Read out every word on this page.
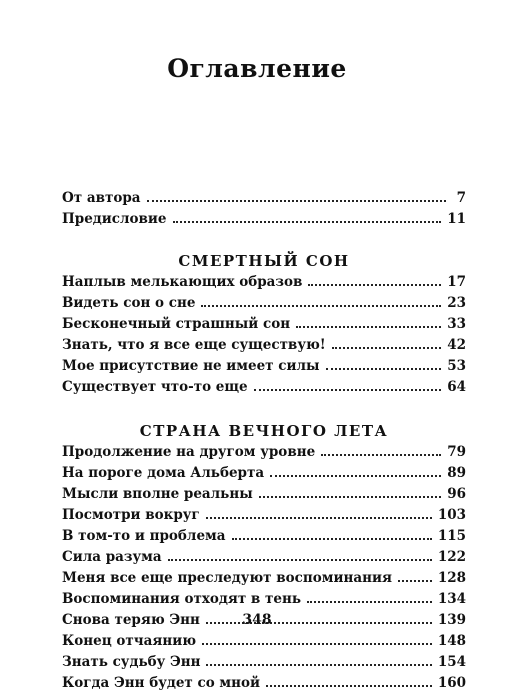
Оглавление
От автора	7
Предисловие	11
СМЕРТНЫЙ СОН
Наплыв мелькающих образов	17
Видеть сон о сне	23
Бесконечный страшный сон	33
Знать, что я все еще существую!	42
Мое присутствие не имеет силы	53
Существует что-то еще	64
СТРАНА ВЕЧНОГО ЛЕТА
Продолжение на другом уровне	79
На пороге дома Альберта	89
Мысли вполне реальны	96
Посмотри вокруг	103
В том-то и проблема	115
Сила разума	122
Меня все еще преследуют воспоминания	128
Воспоминания отходят в тень	134
Снова теряю Энн	139
Конец отчаянию	148
Знать судьбу Энн	154
Когда Энн будет со мной	160
348
